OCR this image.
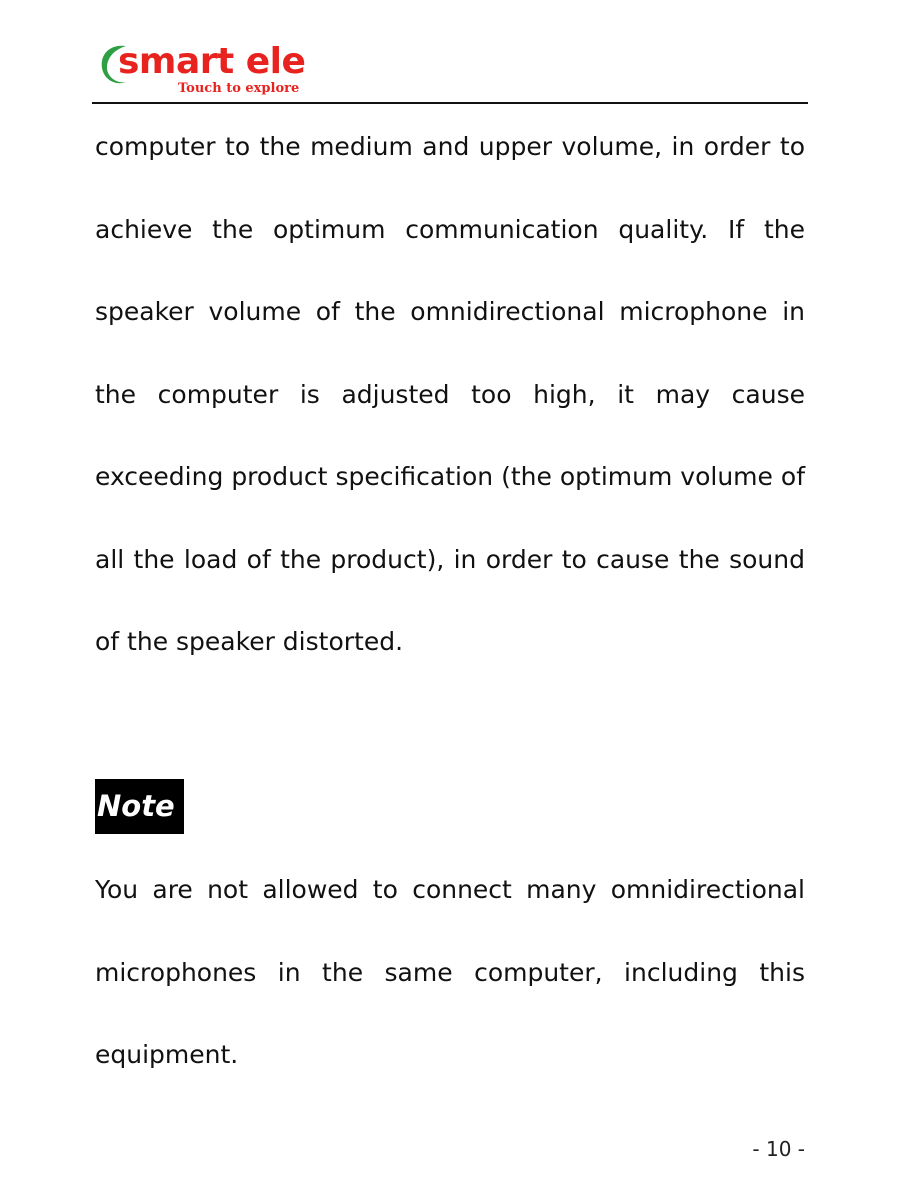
smart ele
Touch to explore

computer to the medium and upper volume, in order to achieve the optimum communication quality. If the speaker volume of the omnidirectional microphone in the computer is adjusted too high, it may cause exceeding product specification (the optimum volume of all the load of the product), in order to cause the sound of the speaker distorted.

Note

You are not allowed to connect many omnidirectional microphones in the same computer, including this equipment.

- 10 -
